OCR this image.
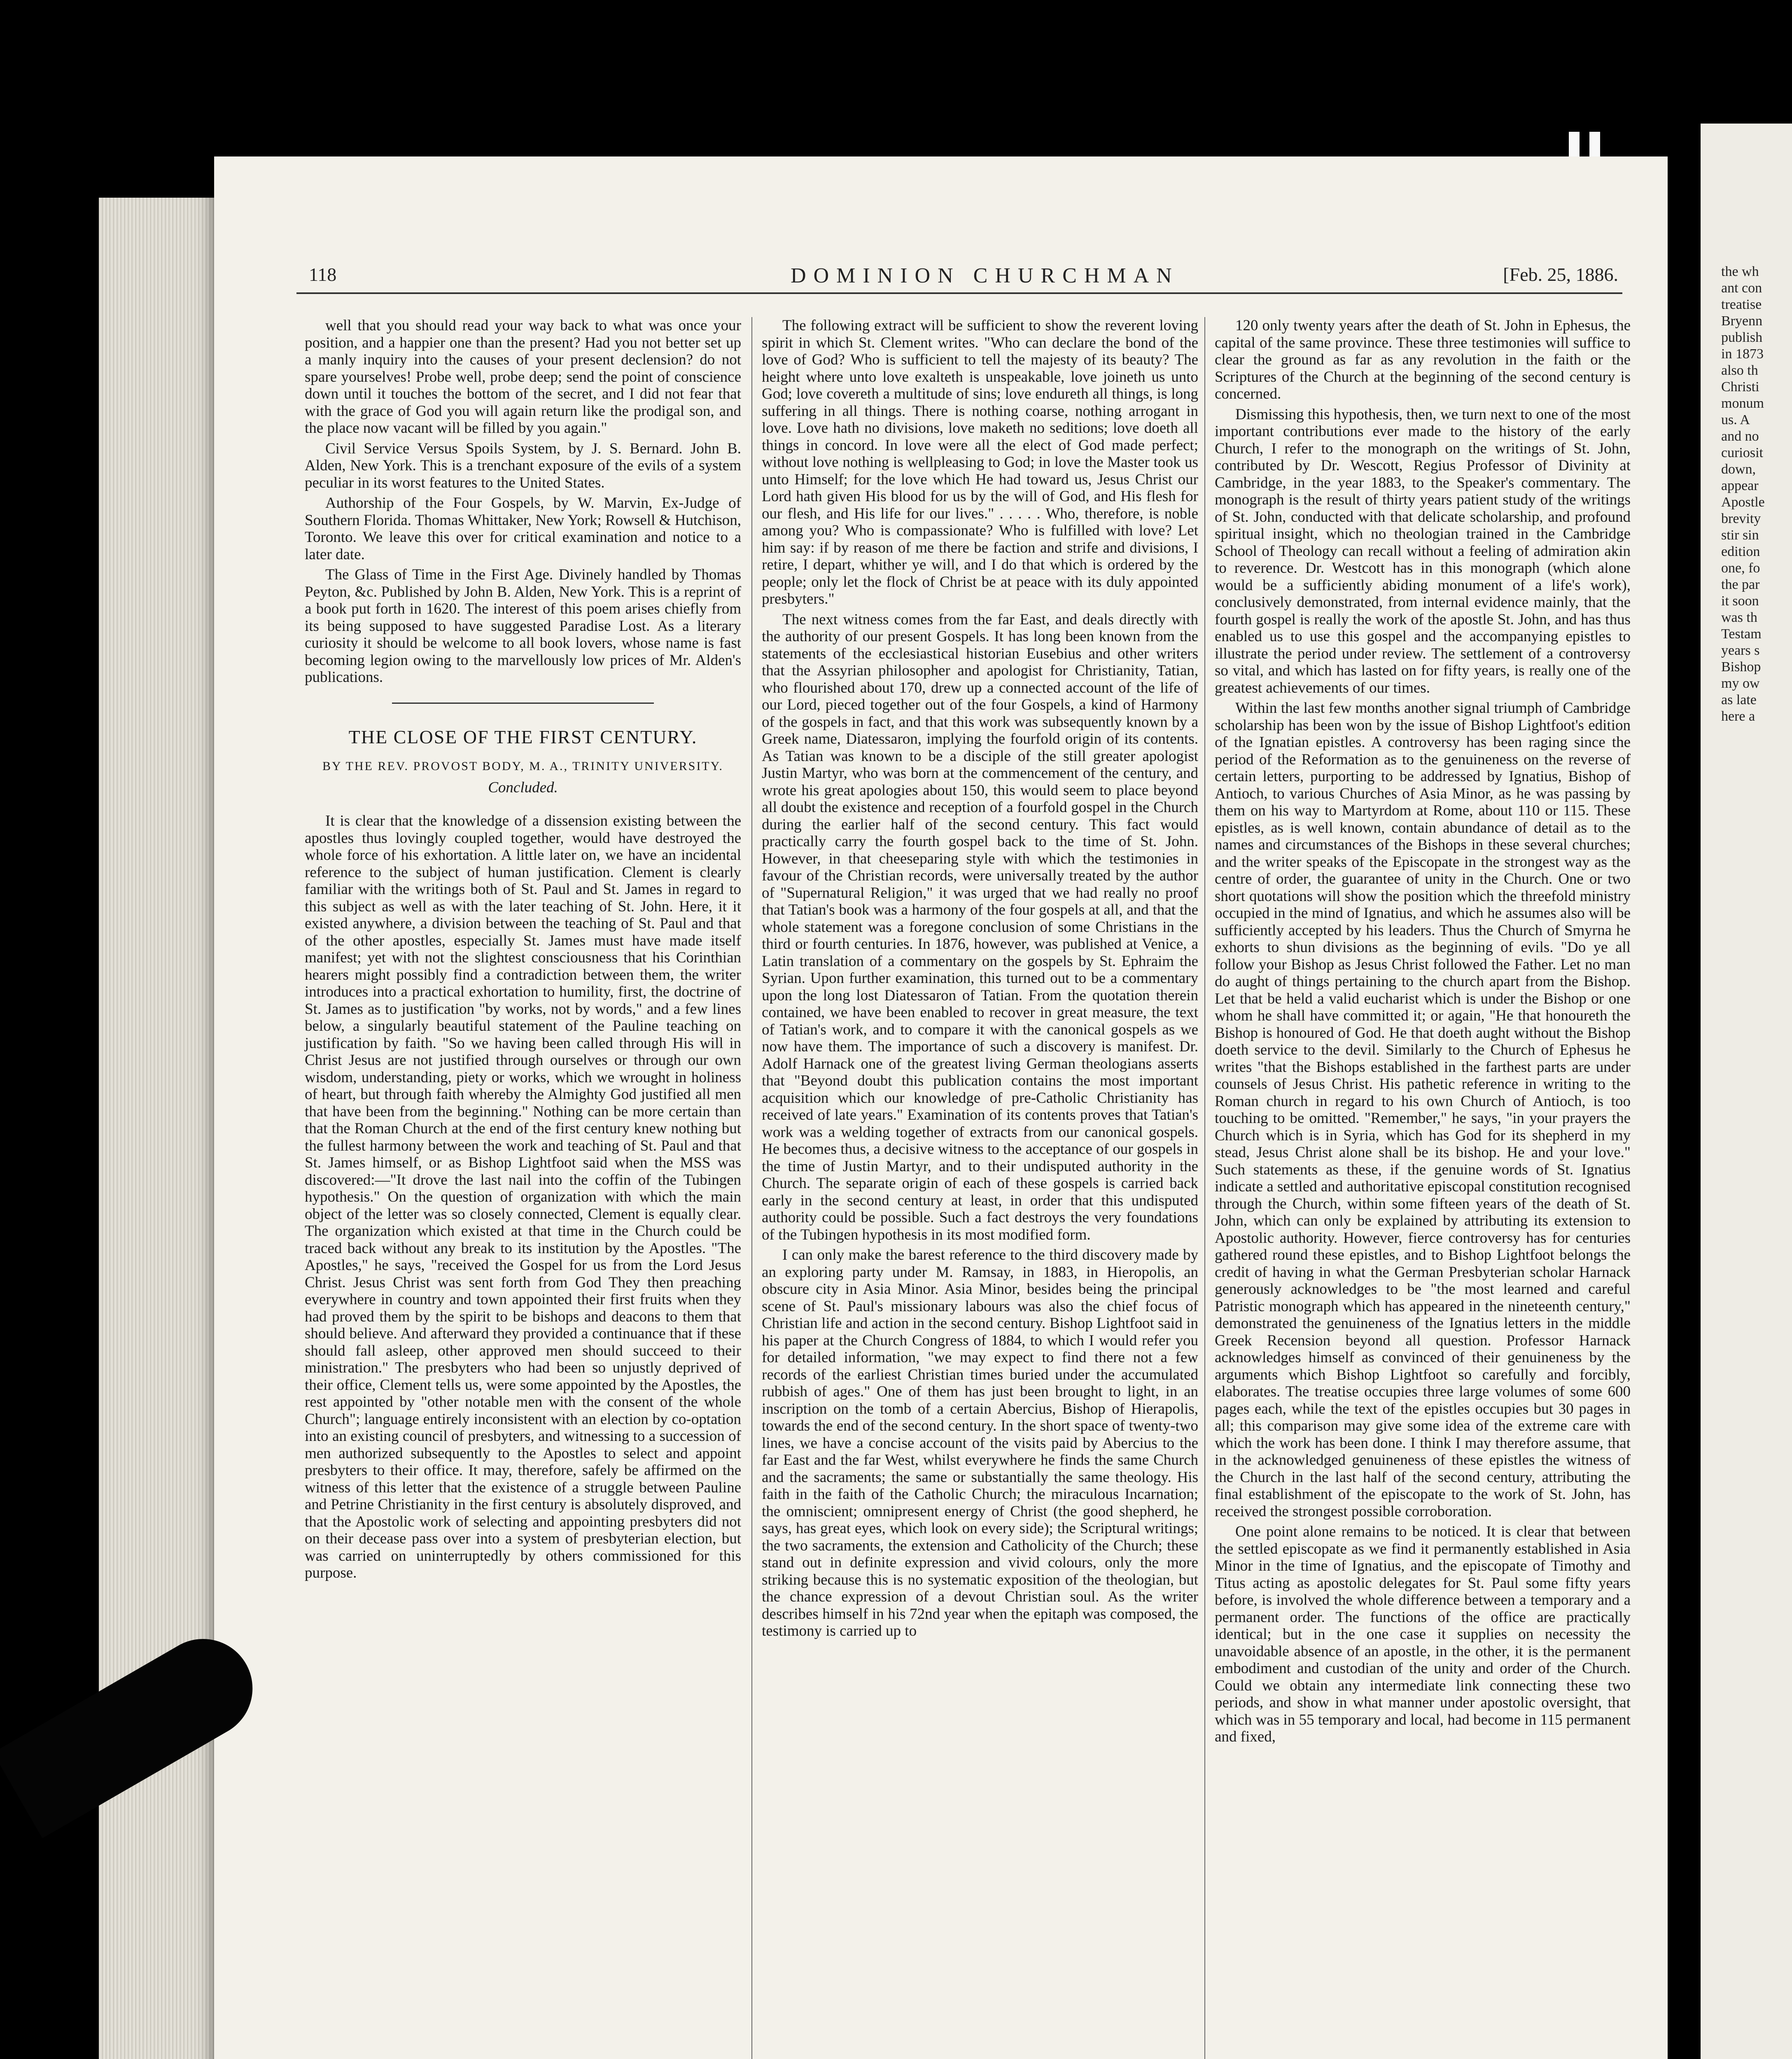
the wh
ant con
treatise
Bryenn
publish
in 1873
also th
Christi
monum
us. A
and no
curiosit
down,
appear
Apostle
brevity
stir sin
edition
one, fo
the par
it soon
was th
Testam
years s
Bishop
my ow
as late
here a
118	DOMINION CHURCHMAN	[Feb. 25, 1886.

well that you should read your way back to what was once your position, and a happier one than the present? Had you not better set up a manly inquiry into the causes of your present declension? do not spare yourselves! Probe well, probe deep; send the point of conscience down until it touches the bottom of the secret, and I did not fear that with the grace of God you will again return like the prodigal son, and the place now vacant will be filled by you again."

Civil Service Versus Spoils System, by J. S. Bernard. John B. Alden, New York. This is a trenchant exposure of the evils of a system peculiar in its worst features to the United States.

Authorship of the Four Gospels, by W. Marvin, Ex-Judge of Southern Florida. Thomas Whittaker, New York; Rowsell & Hutchison, Toronto. We leave this over for critical examination and notice to a later date.

The Glass of Time in the First Age. Divinely handled by Thomas Peyton, &c. Published by John B. Alden, New York. This is a reprint of a book put forth in 1620. The interest of this poem arises chiefly from its being supposed to have suggested Paradise Lost. As a literary curiosity it should be welcome to all book lovers, whose name is fast becoming legion owing to the marvellously low prices of Mr. Alden's publications.

THE CLOSE OF THE FIRST CENTURY.
BY THE REV. PROVOST BODY, M. A., TRINITY UNIVERSITY.
Concluded.

It is clear that the knowledge of a dissension existing between the apostles thus lovingly coupled together, would have destroyed the whole force of his exhortation. A little later on, we have an incidental reference to the subject of human justification. Clement is clearly familiar with the writings both of St. Paul and St. James in regard to this subject as well as with the later teaching of St. John. Here, it it existed anywhere, a division between the teaching of St. Paul and that of the other apostles, especially St. James must have made itself manifest; yet with not the slightest consciousness that his Corinthian hearers might possibly find a contradiction between them, the writer introduces into a practical exhortation to humility, first, the doctrine of St. James as to justification "by works, not by words," and a few lines below, a singularly beautiful statement of the Pauline teaching on justification by faith. "So we having been called through His will in Christ Jesus are not justified through ourselves or through our own wisdom, understanding, piety or works, which we wrought in holiness of heart, but through faith whereby the Almighty God justified all men that have been from the beginning." Nothing can be more certain than that the Roman Church at the end of the first century knew nothing but the fullest harmony between the work and teaching of St. Paul and that St. James himself, or as Bishop Lightfoot said when the MSS was discovered:—"It drove the last nail into the coffin of the Tubingen hypothesis." On the question of organization with which the main object of the letter was so closely connected, Clement is equally clear. The organization which existed at that time in the Church could be traced back without any break to its institution by the Apostles. "The Apostles," he says, "received the Gospel for us from the Lord Jesus Christ. Jesus Christ was sent forth from God They then preaching everywhere in country and town appointed their first fruits when they had proved them by the spirit to be bishops and deacons to them that should believe. And afterward they provided a continuance that if these should fall asleep, other approved men should succeed to their ministration." The presbyters who had been so unjustly deprived of their office, Clement tells us, were some appointed by the Apostles, the rest appointed by "other notable men with the consent of the whole Church"; language entirely inconsistent with an election by co-optation into an existing council of presbyters, and witnessing to a succession of men authorized subsequently to the Apostles to select and appoint presbyters to their office. It may, therefore, safely be affirmed on the witness of this letter that the existence of a struggle between Pauline and Petrine Christianity in the first century is absolutely disproved, and that the Apostolic work of selecting and appointing presbyters did not on their decease pass over into a system of presbyterian election, but was carried on uninterruptedly by others commissioned for this purpose.

The following extract will be sufficient to show the reverent loving spirit in which St. Clement writes. "Who can declare the bond of the love of God? Who is sufficient to tell the majesty of its beauty? The height where unto love exalteth is unspeakable, love joineth us unto God; love covereth a multitude of sins; love endureth all things, is long suffering in all things. There is nothing coarse, nothing arrogant in love. Love hath no divisions, love maketh no seditions; love doeth all things in concord. In love were all the elect of God made perfect; without love nothing is wellpleasing to God; in love the Master took us unto Himself; for the love which He had toward us, Jesus Christ our Lord hath given His blood for us by the will of God, and His flesh for our flesh, and His life for our lives." . . . . . Who, therefore, is noble among you? Who is compassionate? Who is fulfilled with love? Let him say: if by reason of me there be faction and strife and divisions, I retire, I depart, whither ye will, and I do that which is ordered by the people; only let the flock of Christ be at peace with its duly appointed presbyters."

The next witness comes from the far East, and deals directly with the authority of our present Gospels. It has long been known from the statements of the ecclesiastical historian Eusebius and other writers that the Assyrian philosopher and apologist for Christianity, Tatian, who flourished about 170, drew up a connected account of the life of our Lord, pieced together out of the four Gospels, a kind of Harmony of the gospels in fact, and that this work was subsequently known by a Greek name, Diatessaron, implying the fourfold origin of its contents. As Tatian was known to be a disciple of the still greater apologist Justin Martyr, who was born at the commencement of the century, and wrote his great apologies about 150, this would seem to place beyond all doubt the existence and reception of a fourfold gospel in the Church during the earlier half of the second century. This fact would practically carry the fourth gospel back to the time of St. John. However, in that cheeseparing style with which the testimonies in favour of the Christian records, were universally treated by the author of "Supernatural Religion," it was urged that we had really no proof that Tatian's book was a harmony of the four gospels at all, and that the whole statement was a foregone conclusion of some Christians in the third or fourth centuries. In 1876, however, was published at Venice, a Latin translation of a commentary on the gospels by St. Ephraim the Syrian. Upon further examination, this turned out to be a commentary upon the long lost Diatessaron of Tatian. From the quotation therein contained, we have been enabled to recover in great measure, the text of Tatian's work, and to compare it with the canonical gospels as we now have them. The importance of such a discovery is manifest. Dr. Adolf Harnack one of the greatest living German theologians asserts that "Beyond doubt this publication contains the most important acquisition which our knowledge of pre-Catholic Christianity has received of late years." Examination of its contents proves that Tatian's work was a welding together of extracts from our canonical gospels. He becomes thus, a decisive witness to the acceptance of our gospels in the time of Justin Martyr, and to their undisputed authority in the Church. The separate origin of each of these gospels is carried back early in the second century at least, in order that this undisputed authority could be possible. Such a fact destroys the very foundations of the Tubingen hypothesis in its most modified form.

I can only make the barest reference to the third discovery made by an exploring party under M. Ramsay, in 1883, in Hieropolis, an obscure city in Asia Minor. Asia Minor, besides being the principal scene of St. Paul's missionary labours was also the chief focus of Christian life and action in the second century. Bishop Lightfoot said in his paper at the Church Congress of 1884, to which I would refer you for detailed information, "we may expect to find there not a few records of the earliest Christian times buried under the accumulated rubbish of ages." One of them has just been brought to light, in an inscription on the tomb of a certain Abercius, Bishop of Hierapolis, towards the end of the second century. In the short space of twenty-two lines, we have a concise account of the visits paid by Abercius to the far East and the far West, whilst everywhere he finds the same Church and the sacraments; the same or substantially the same theology. His faith in the faith of the Catholic Church; the miraculous Incarnation; the omniscient; omnipresent energy of Christ (the good shepherd, he says, has great eyes, which look on every side); the Scriptural writings; the two sacraments, the extension and Catholicity of the Church; these stand out in definite expression and vivid colours, only the more striking because this is no systematic exposition of the theologian, but the chance expression of a devout Christian soul. As the writer describes himself in his 72nd year when the epitaph was composed, the testimony is carried up to

120 only twenty years after the death of St. John in Ephesus, the capital of the same province. These three testimonies will suffice to clear the ground as far as any revolution in the faith or the Scriptures of the Church at the beginning of the second century is concerned.

Dismissing this hypothesis, then, we turn next to one of the most important contributions ever made to the history of the early Church, I refer to the monograph on the writings of St. John, contributed by Dr. Wescott, Regius Professor of Divinity at Cambridge, in the year 1883, to the Speaker's commentary. The monograph is the result of thirty years patient study of the writings of St. John, conducted with that delicate scholarship, and profound spiritual insight, which no theologian trained in the Cambridge School of Theology can recall without a feeling of admiration akin to reverence. Dr. Westcott has in this monograph (which alone would be a sufficiently abiding monument of a life's work), conclusively demonstrated, from internal evidence mainly, that the fourth gospel is really the work of the apostle St. John, and has thus enabled us to use this gospel and the accompanying epistles to illustrate the period under review. The settlement of a controversy so vital, and which has lasted on for fifty years, is really one of the greatest achievements of our times.

Within the last few months another signal triumph of Cambridge scholarship has been won by the issue of Bishop Lightfoot's edition of the Ignatian epistles. A controversy has been raging since the period of the Reformation as to the genuineness on the reverse of certain letters, purporting to be addressed by Ignatius, Bishop of Antioch, to various Churches of Asia Minor, as he was passing by them on his way to Martyrdom at Rome, about 110 or 115. These epistles, as is well known, contain abundance of detail as to the names and circumstances of the Bishops in these several churches; and the writer speaks of the Episcopate in the strongest way as the centre of order, the guarantee of unity in the Church. One or two short quotations will show the position which the threefold ministry occupied in the mind of Ignatius, and which he assumes also will be sufficiently accepted by his leaders. Thus the Church of Smyrna he exhorts to shun divisions as the beginning of evils. "Do ye all follow your Bishop as Jesus Christ followed the Father. Let no man do aught of things pertaining to the church apart from the Bishop. Let that be held a valid eucharist which is under the Bishop or one whom he shall have committed it; or again, "He that honoureth the Bishop is honoured of God. He that doeth aught without the Bishop doeth service to the devil. Similarly to the Church of Ephesus he writes "that the Bishops established in the farthest parts are under counsels of Jesus Christ. His pathetic reference in writing to the Roman church in regard to his own Church of Antioch, is too touching to be omitted. "Remember," he says, "in your prayers the Church which is in Syria, which has God for its shepherd in my stead, Jesus Christ alone shall be its bishop. He and your love." Such statements as these, if the genuine words of St. Ignatius indicate a settled and authoritative episcopal constitution recognised through the Church, within some fifteen years of the death of St. John, which can only be explained by attributing its extension to Apostolic authority. However, fierce controversy has for centuries gathered round these epistles, and to Bishop Lightfoot belongs the credit of having in what the German Presbyterian scholar Harnack generously acknowledges to be "the most learned and careful Patristic monograph which has appeared in the nineteenth century," demonstrated the genuineness of the Ignatius letters in the middle Greek Recension beyond all question. Professor Harnack acknowledges himself as convinced of their genuineness by the arguments which Bishop Lightfoot so carefully and forcibly, elaborates. The treatise occupies three large volumes of some 600 pages each, while the text of the epistles occupies but 30 pages in all; this comparison may give some idea of the extreme care with which the work has been done. I think I may therefore assume, that in the acknowledged genuineness of these epistles the witness of the Church in the last half of the second century, attributing the final establishment of the episcopate to the work of St. John, has received the strongest possible corroboration.

One point alone remains to be noticed. It is clear that between the settled episcopate as we find it permanently established in Asia Minor in the time of Ignatius, and the episcopate of Timothy and Titus acting as apostolic delegates for St. Paul some fifty years before, is involved the whole difference between a temporary and a permanent order. The functions of the office are practically identical; but in the one case it supplies on necessity the unavoidable absence of an apostle, in the other, it is the permanent embodiment and custodian of the unity and order of the Church. Could we obtain any intermediate link connecting these two periods, and show in what manner under apostolic oversight, that which was in 55 temporary and local, had become in 115 permanent and fixed,
